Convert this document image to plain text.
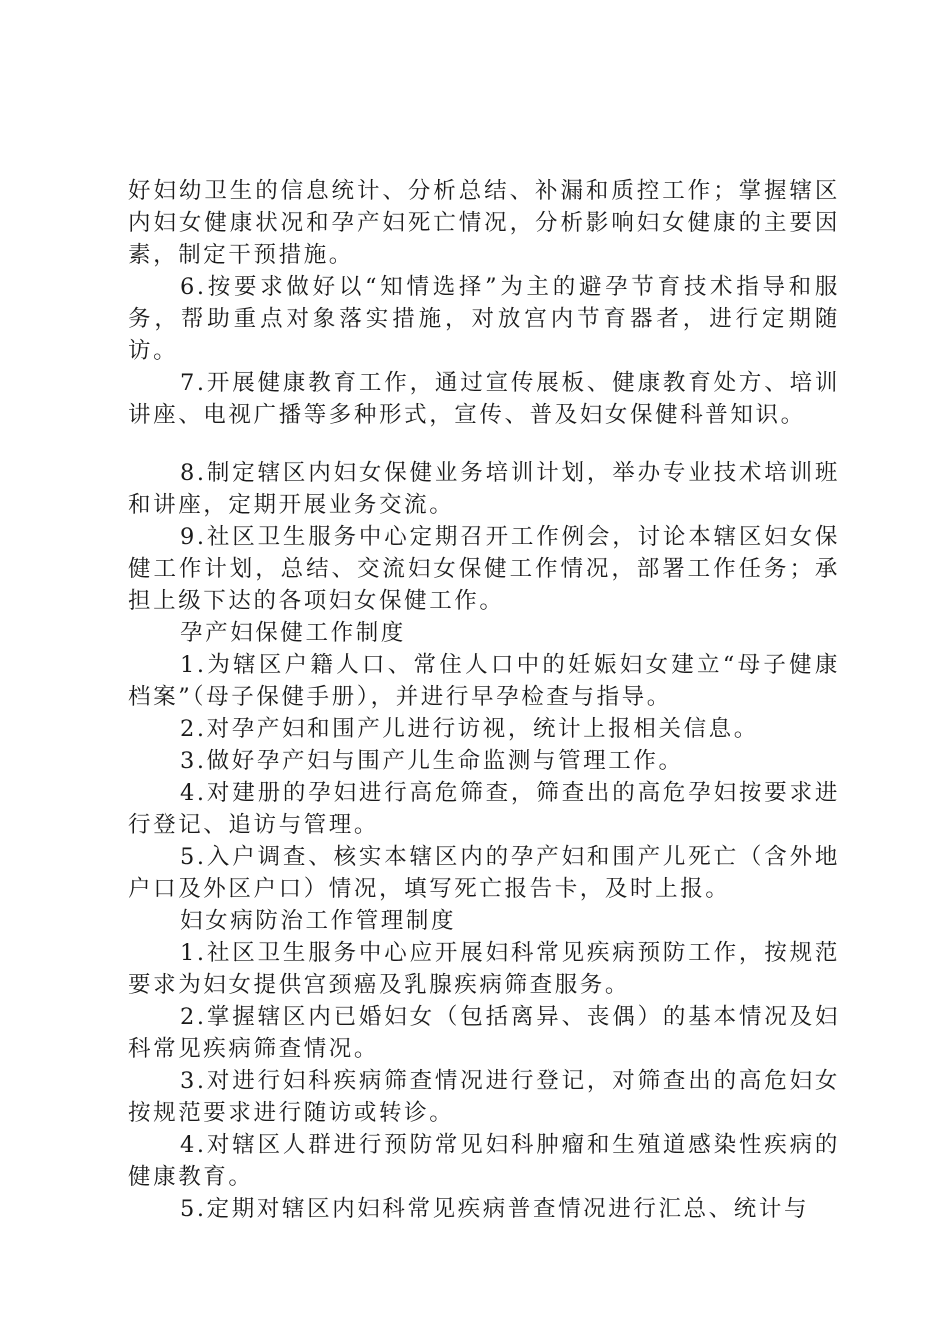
好妇幼卫生的信息统计、分析总结、补漏和质控工作；掌握辖区内妇女健康状况和孕产妇死亡情况，分析影响妇女健康的主要因素，制定干预措施。

6.按要求做好以“知情选择”为主的避孕节育技术指导和服务，帮助重点对象落实措施，对放宫内节育器者，进行定期随访。

7.开展健康教育工作，通过宣传展板、健康教育处方、培训讲座、电视广播等多种形式，宣传、普及妇女保健科普知识。

8.制定辖区内妇女保健业务培训计划，举办专业技术培训班和讲座，定期开展业务交流。

9.社区卫生服务中心定期召开工作例会，讨论本辖区妇女保健工作计划，总结、交流妇女保健工作情况，部署工作任务；承担上级下达的各项妇女保健工作。

孕产妇保健工作制度

1.为辖区户籍人口、常住人口中的妊娠妇女建立“母子健康档案”（母子保健手册），并进行早孕检查与指导。

2.对孕产妇和围产儿进行访视，统计上报相关信息。

3.做好孕产妇与围产儿生命监测与管理工作。

4.对建册的孕妇进行高危筛查，筛查出的高危孕妇按要求进行登记、追访与管理。

5.入户调查、核实本辖区内的孕产妇和围产儿死亡（含外地户口及外区户口）情况，填写死亡报告卡，及时上报。

妇女病防治工作管理制度

1.社区卫生服务中心应开展妇科常见疾病预防工作，按规范要求为妇女提供宫颈癌及乳腺疾病筛查服务。

2.掌握辖区内已婚妇女（包括离异、丧偶）的基本情况及妇科常见疾病筛查情况。

3.对进行妇科疾病筛查情况进行登记，对筛查出的高危妇女按规范要求进行随访或转诊。

4.对辖区人群进行预防常见妇科肿瘤和生殖道感染性疾病的健康教育。

5.定期对辖区内妇科常见疾病普查情况进行汇总、统计与
